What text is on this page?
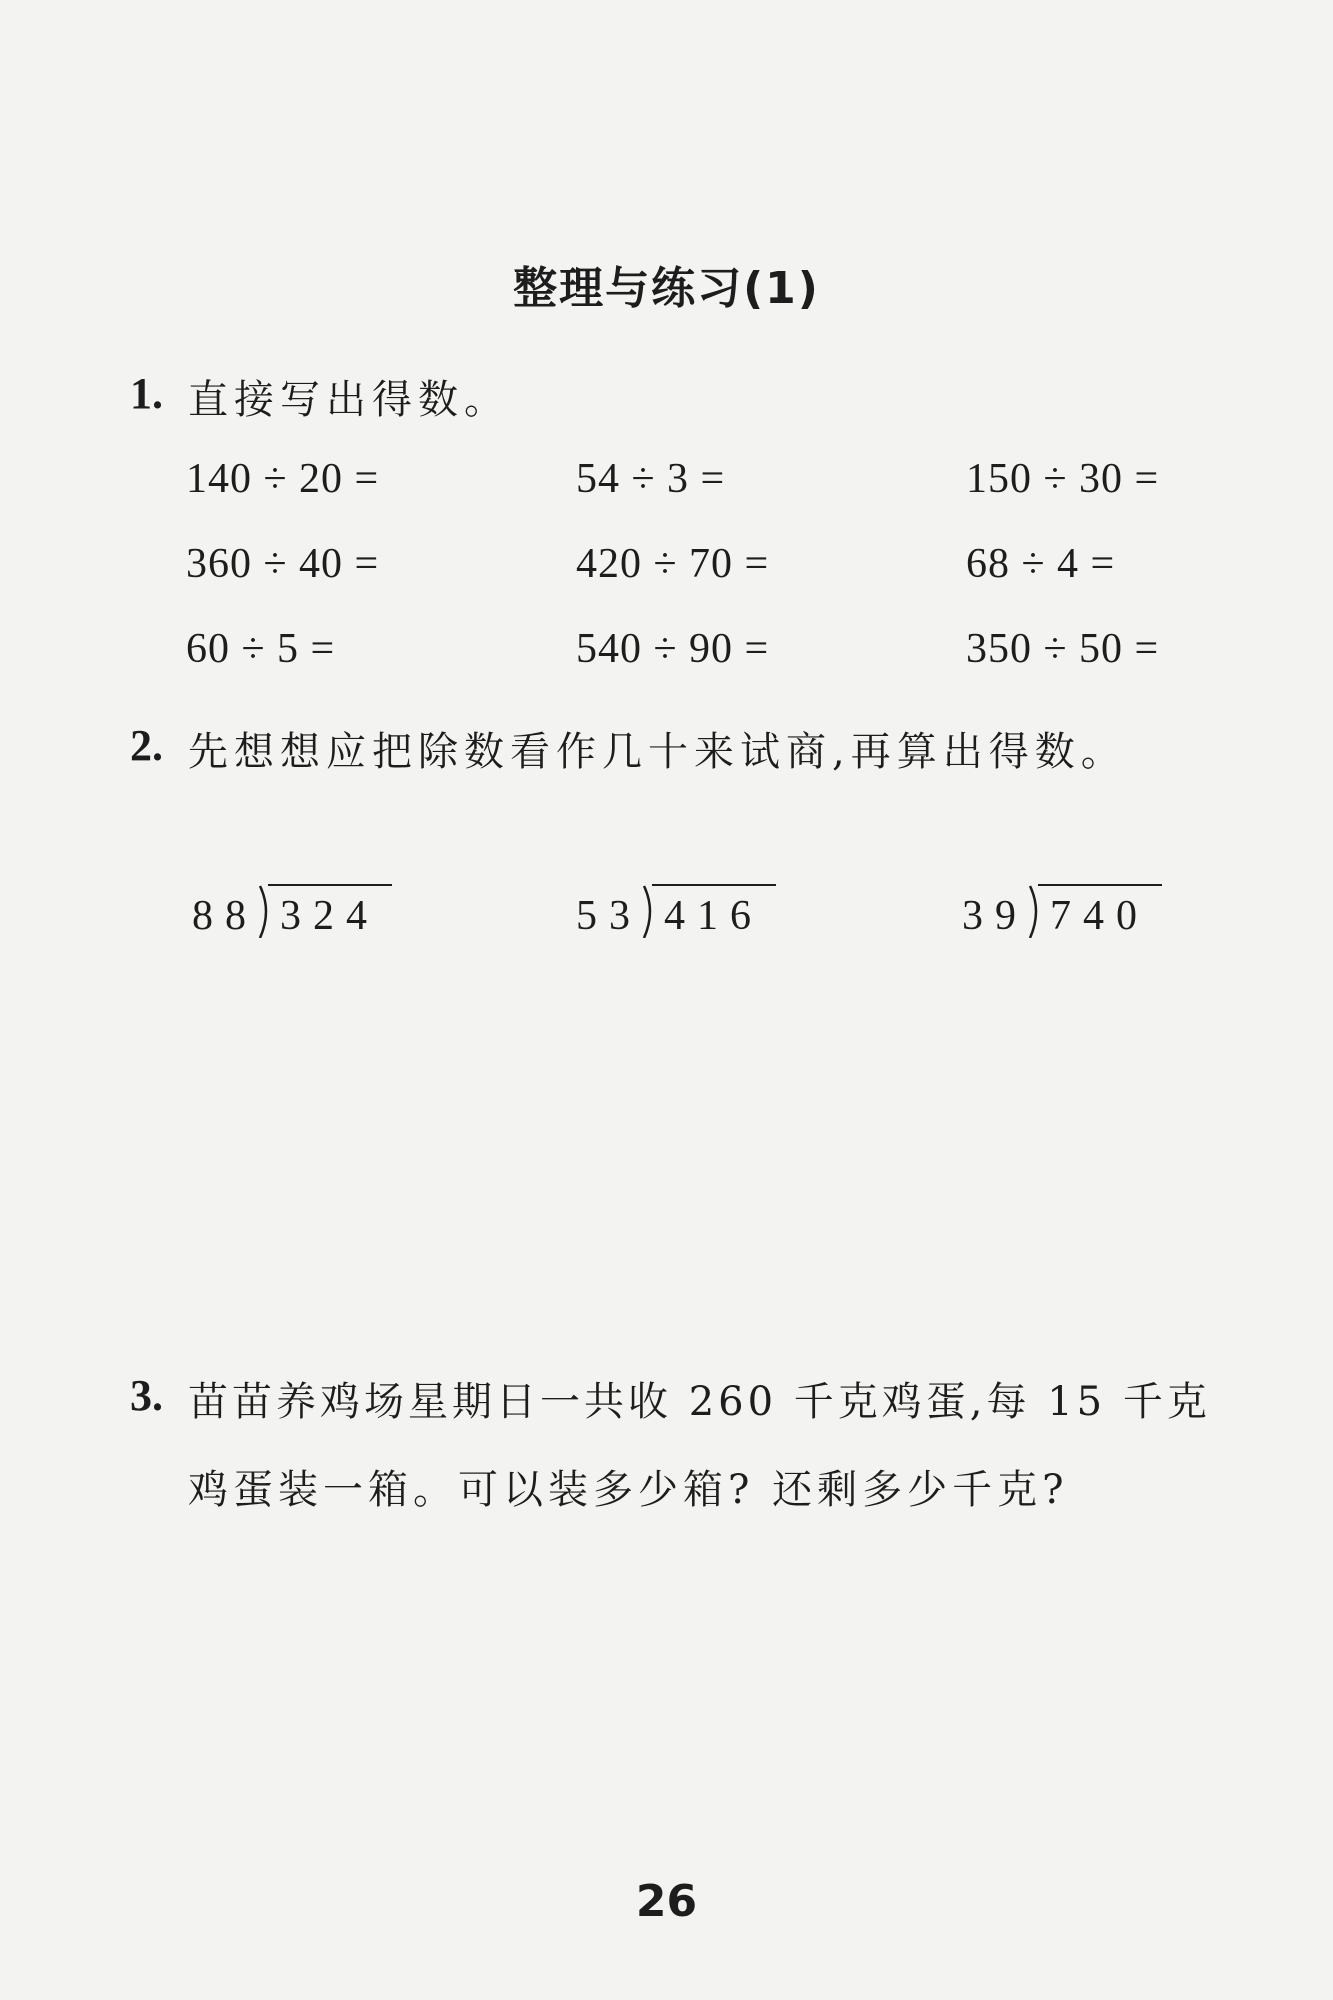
整理与练习(1)
1. 直接写出得数。
140 ÷ 20 =	54 ÷ 3 =	150 ÷ 30 =
360 ÷ 40 =	420 ÷ 70 =	68 ÷ 4 =
60 ÷ 5 =	540 ÷ 90 =	350 ÷ 50 =
2. 先想想应把除数看作几十来试商,再算出得数。
88 324	53 416	39 740
3. 苗苗养鸡场星期日一共收 260 千克鸡蛋,每 15 千克
鸡蛋装一箱。可以装多少箱? 还剩多少千克?
26
